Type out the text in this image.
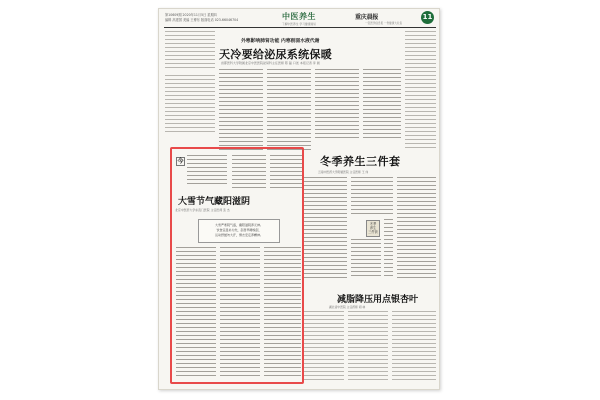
第10609期 2020年11月5日 星期四
编辑 高建国 美编 王博东 版面电话 023-66046704	中医养生
了解中医养生 学习健康常识
重庆晨报	11
一张医学信息报 一份健康大礼包
外寒影响肺肾功能 内寒削弱水液代谢
天冷要给泌尿系统保暖
首都医科大学附属北京中医医院泌尿科主任医师 陈 磊 口述 本报记者 李 晨
冬季养生三件套
云南中医药大学附属医院 主任医师 王 伟
冬季
养生
三件套
减脂降压用点银杏叶
湖北省中医院 主任药师 胡 林
今
大雪节气藏阳滋阴
北京中医药大学东直门医院 主任医师 张 杰
大雪严寒阴气盛，藏阳滋阴养元神。
饮食宜温补为先，起居早睡晚起，
运动舒缓勿大汗，情志安定养精神。
